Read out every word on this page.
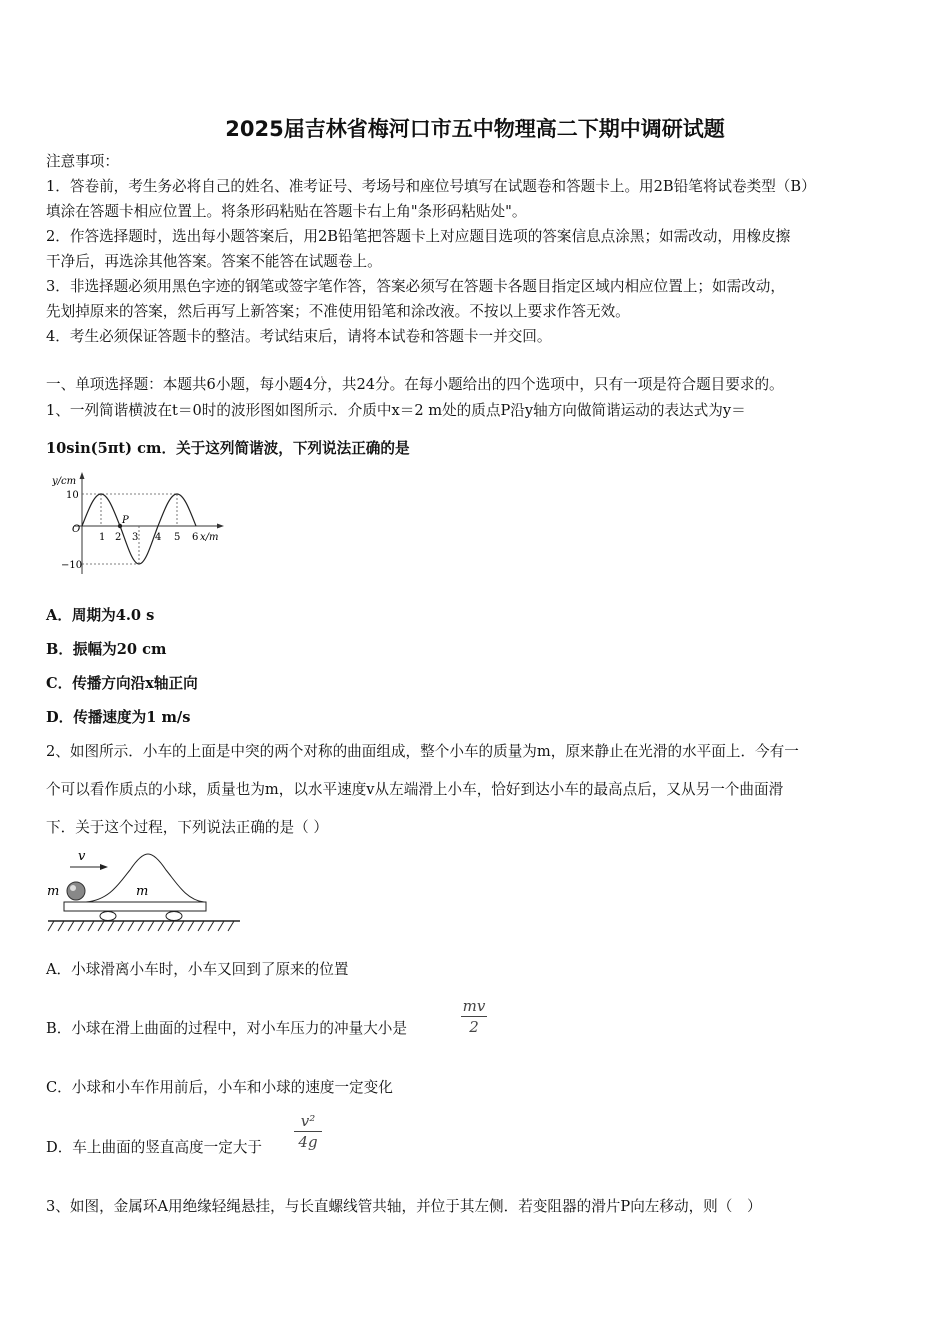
2025届吉林省梅河口市五中物理高二下期中调研试题
注意事项：
1．答卷前，考生务必将自己的姓名、准考证号、考场号和座位号填写在试题卷和答题卡上。用2B铅笔将试卷类型（B）
填涂在答题卡相应位置上。将条形码粘贴在答题卡右上角"条形码粘贴处"。
2．作答选择题时，选出每小题答案后，用2B铅笔把答题卡上对应题目选项的答案信息点涂黑；如需改动，用橡皮擦
干净后，再选涂其他答案。答案不能答在试题卷上。
3．非选择题必须用黑色字迹的钢笔或签字笔作答，答案必须写在答题卡各题目指定区域内相应位置上；如需改动，
先划掉原来的答案，然后再写上新答案；不准使用铅笔和涂改液。不按以上要求作答无效。
4．考生必须保证答题卡的整洁。考试结束后，请将本试卷和答题卡一并交回。
一、单项选择题：本题共6小题，每小题4分，共24分。在每小题给出的四个选项中，只有一项是符合题目要求的。
1、一列简谐横波在t＝0时的波形图如图所示．介质中x＝2 m处的质点P沿y轴方向做简谐运动的表达式为y＝
10sin(5πt) cm．关于这列简谐波，下列说法正确的是
y/cm
10
O
−10
1 2 3 4 5 6 x/m
P
A．周期为4.0 s
B．振幅为20 cm
C．传播方向沿x轴正向
D．传播速度为1 m/s
2、如图所示．小车的上面是中突的两个对称的曲面组成，整个小车的质量为m，原来静止在光滑的水平面上．今有一
个可以看作质点的小球，质量也为m，以水平速度v从左端滑上小车，恰好到达小车的最高点后，又从另一个曲面滑
下．关于这个过程，下列说法正确的是（ ）
v
m	m
A．小球滑离小车时，小车又回到了原来的位置
B．小球在滑上曲面的过程中，对小车压力的冲量大小是
mv
2
C．小球和小车作用前后，小车和小球的速度一定变化
D．车上曲面的竖直高度一定大于
v²
4g
3、如图，金属环A用绝缘轻绳悬挂，与长直螺线管共轴，并位于其左侧．若变阻器的滑片P向左移动，则（　）
